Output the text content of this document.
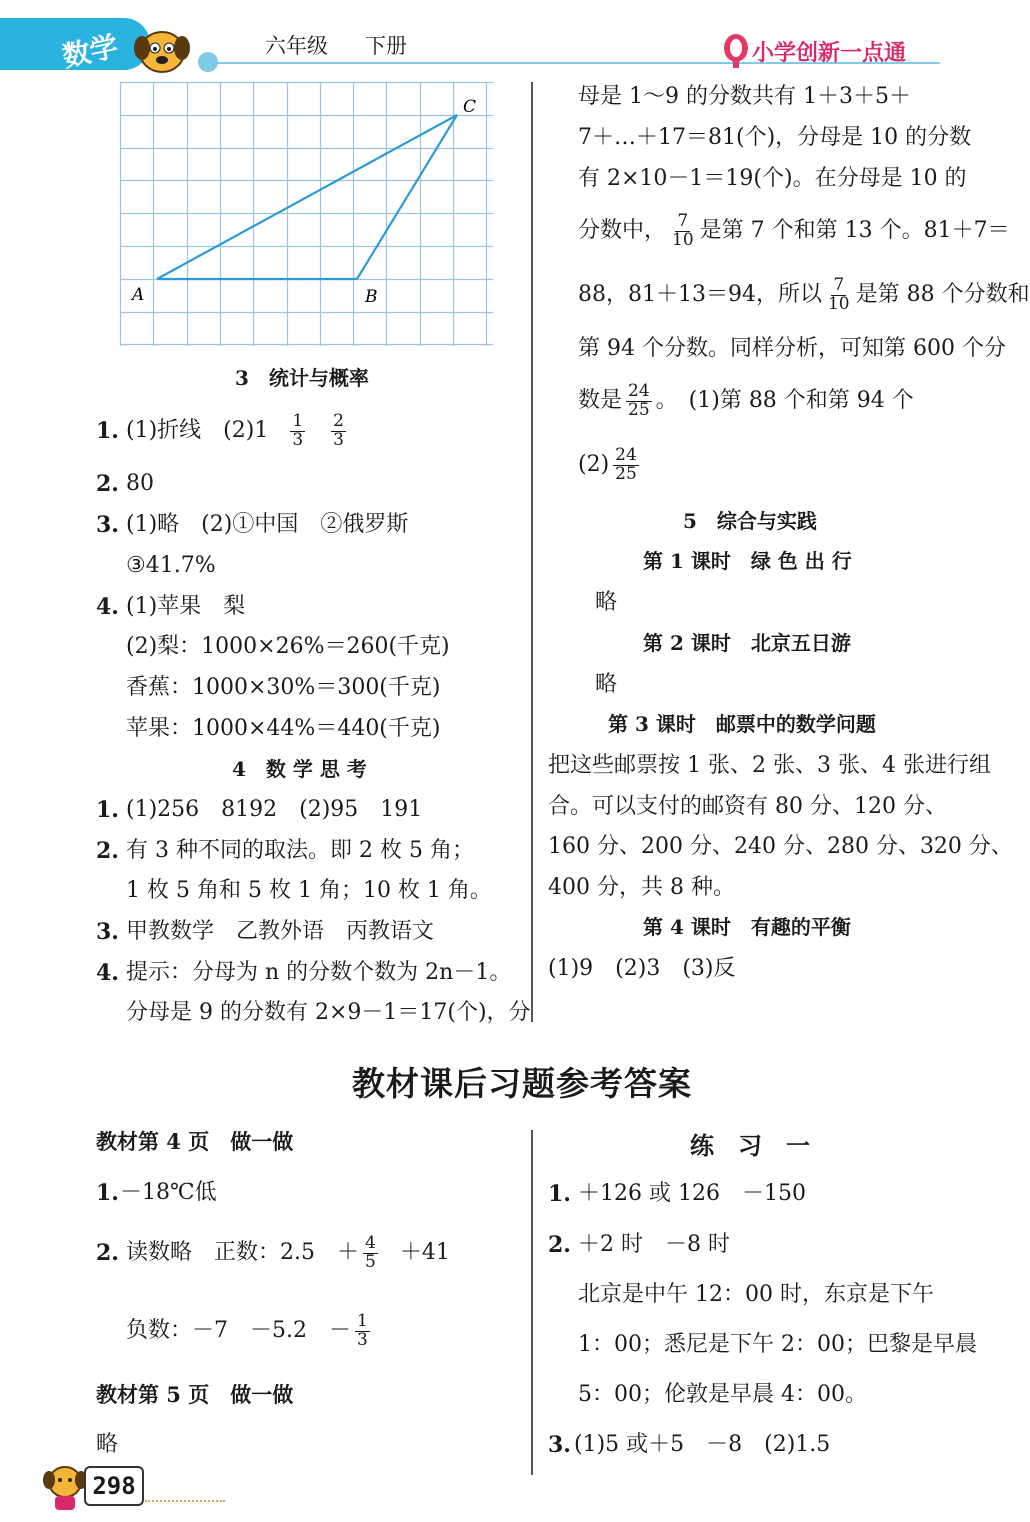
数学	六年级 下册	小学创新一点通
A	B
C
3　统计与概率
1. (1)折线　$(2)1 \frac{1}{3} \frac{2}{3}$
2. 80
3. (1)略　(2)①中国　②俄罗斯
③41.7%
4. (1)苹果　梨
(2)梨：1000×26%＝260(千克)
香蕉：1000×30%＝300(千克)
苹果：1000×44%＝440(千克)
4　数 学 思 考
1. (1)256　8192　(2)95　191
2. 有 3 种不同的取法。即 2 枚 5 角；
1 枚 5 角和 5 枚 1 角；10 枚 1 角。
3. 甲教数学　乙教外语　丙教语文
4. 提示：分母为 n 的分数个数为 2n－1。
分母是 9 的分数有 2×9－1＝17(个)，分
母是 1～9 的分数共有 1＋3＋5＋
7＋…＋17＝81(个)，分母是 10 的分数
有 2×10－1＝19(个)。在分母是 10 的
分数中， $\frac{7}{10}$ 是第 7 个和第 13 个。81＋7＝
88，81＋13＝94，所以 $\frac{7}{10}$ 是第 88 个分数和
第 94 个分数。同样分析，可知第 600 个分
数是 $\frac{24}{25}$ 。　(1)第 88 个和第 94 个
$(2) \frac{24}{25}$
5　综合与实践
第 1 课时　绿 色 出 行
略
第 2 课时　北京五日游
略
第 3 课时　邮票中的数学问题
把这些邮票按 1 张、2 张、3 张、4 张进行组
合。可以支付的邮资有 80 分、120 分、
160 分、200 分、240 分、280 分、320 分、
400 分，共 8 种。
第 4 课时　有趣的平衡
(1)9　(2)3　(3)反
教材课后习题参考答案
教材第 4 页　做一做
1. －18℃低
2. 读数略　正数：2.5　＋ $\frac{4}{5} +41$
负数：－7　－5.2　－ $\frac{1}{3}$
教材第 5 页　做一做
略
练　习　一
1. ＋126 或 126　－150
2. ＋2 时　－8 时
北京是中午 12：00 时，东京是下午
1：00；悉尼是下午 2：00；巴黎是早晨
5：00；伦敦是早晨 4：00。
3. (1)5 或＋5　－8　(2)1.5
298
